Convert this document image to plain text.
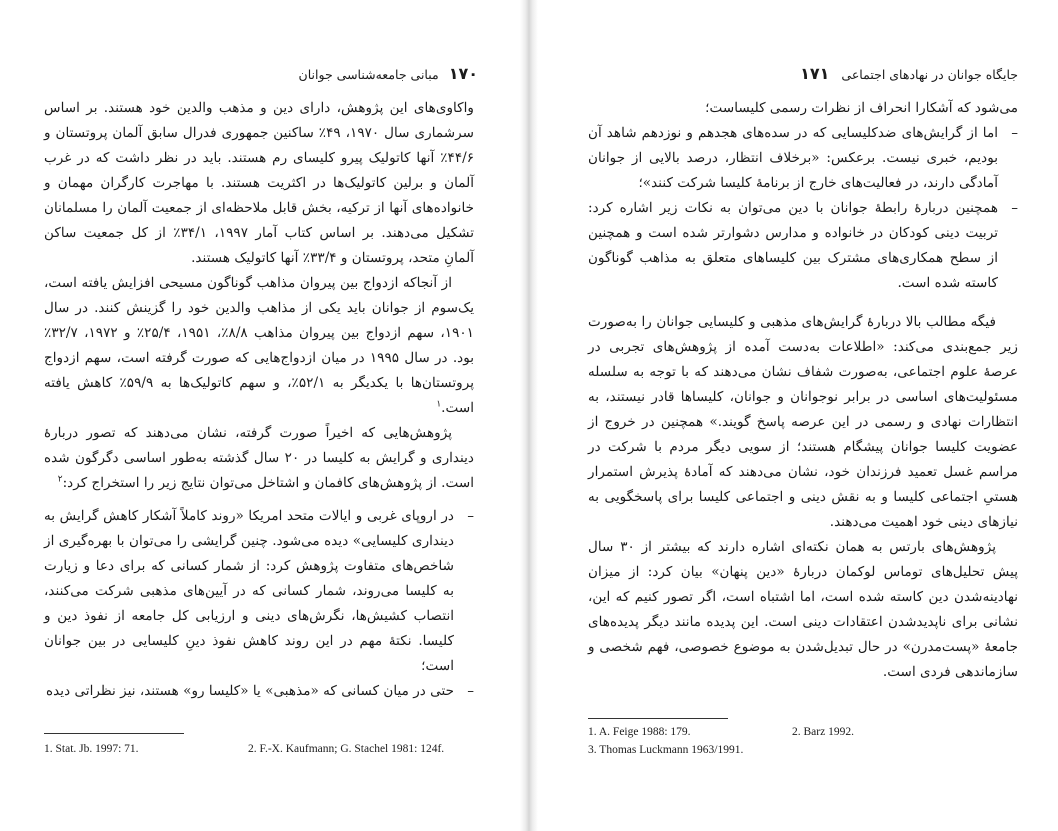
۱۷۰مبانی جامعه‌شناسی جوانان

واکاوی‌های این پژوهش، دارای دین و مذهب والدین خود هستند. بر اساس سرشماری سال ۱۹۷۰، ۴۹٪ ساکنین جمهوری فدرال سابق آلمان پروتستان و ۴۴/۶٪ آنها کاتولیک پیرو کلیسای رم هستند. باید در نظر داشت که در غرب آلمان و برلین کاتولیک‌ها در اکثریت هستند. با مهاجرت کارگران مهمان و خانواده‌های آنها از ترکیه، بخش قابل ملاحظه‌ای از جمعیت آلمان را مسلمانان تشکیل می‌دهند. بر اساس کتاب آمار ۱۹۹۷، ۳۴/۱٪ از کل جمعیت ساکن آلمانِ متحد، پروتستان و ۳۳/۴٪ آنها کاتولیک هستند.

از آنجاکه ازدواج بین پیروان مذاهب گوناگون مسیحی افزایش یافته است، یک‌سوم از جوانان باید یکی از مذاهب والدین خود را گزینش کنند. در سال ۱۹۰۱، سهم ازدواج بین پیروان مذاهب ۸/۸٪، ۱۹۵۱، ۲۵/۴٪ و ۱۹۷۲، ۳۲/۷٪ بود. در سال ۱۹۹۵ در میان ازدواج‌هایی که صورت گرفته است، سهم ازدواج پروتستان‌ها با یکدیگر به ۵۲/۱٪، و سهم کاتولیک‌ها به ۵۹/۹٪ کاهش یافته است.$^۱$

پژوهش‌هایی که اخیراً صورت گرفته، نشان می‌دهند که تصور دربارهٔ دینداری و گرایش به کلیسا در ۲۰ سال گذشته به‌طور اساسی دگرگون شده است. از پژوهش‌های کافمان و اشتاخل می‌توان نتایج زیر را استخراج کرد:$^۲$

–
در اروپای غربی و ایالات متحد امریکا «روند کاملاً آشکار کاهش گرایش به دینداری کلیسایی» دیده می‌شود. چنین گرایشی را می‌توان با بهره‌گیری از شاخص‌های متفاوت پژوهش کرد: از شمار کسانی که برای دعا و زیارت به کلیسا می‌روند، شمار کسانی که در آیین‌های مذهبی شرکت می‌کنند، انتصاب کشیش‌ها، نگرش‌های دینی و ارزیابی کل جامعه از نفوذ دین و کلیسا. نکتهٔ مهم در این روند کاهش نفوذ دینِ کلیسایی در بین جوانان است؛
–
حتی در میان کسانی که «مذهبی» یا «کلیسا رو» هستند، نیز نظراتی دیده
1. Stat. Jb. 1997: 71.	2. F.-X. Kaufmann; G. Stachel 1981: 124f.
جایگاه جوانان در نهادهای اجتماعی۱۷۱

می‌شود که آشکارا انحراف از نظرات رسمی کلیساست؛

–
اما از گرایش‌های ضدکلیسایی که در سده‌های هجدهم و نوزدهم شاهد آن بودیم، خبری نیست. برعکس: «برخلاف انتظار، درصد بالایی از جوانان آمادگی دارند، در فعالیت‌های خارج از برنامهٔ کلیسا شرکت کنند»؛
–
همچنین دربارهٔ رابطهٔ جوانان با دین می‌توان به نکات زیر اشاره کرد: تربیت دینی کودکان در خانواده و مدارس دشوارتر شده است و همچنین از سطح همکاری‌های مشترک بین کلیساهای متعلق به مذاهب گوناگون کاسته شده است.

فیگه مطالب بالا دربارهٔ گرایش‌های مذهبی و کلیسایی جوانان را به‌صورت زیر جمع‌بندی می‌کند: «اطلاعات به‌دست آمده از پژوهش‌های تجربی در عرصهٔ علوم اجتماعی، به‌صورت شفاف نشان می‌دهند که با توجه به سلسله مسئولیت‌های اساسی در برابر نوجوانان و جوانان، کلیساها قادر نیستند، به انتظارات نهادی و رسمی در این عرصه پاسخ گویند.» همچنین در خروج از عضویت کلیسا جوانان پیشگام هستند؛ از سویی دیگر مردم با شرکت در مراسم غسل تعمید فرزندان خود، نشان می‌دهند که آمادهٔ پذیرش استمرار هستیِ اجتماعی کلیسا و به نقش دینی و اجتماعی کلیسا برای پاسخگویی به نیازهای دینی خود اهمیت می‌دهند.

پژوهش‌های بارتس به همان نکته‌ای اشاره دارند که بیشتر از ۳۰ سال پیش تحلیل‌های توماس لوکمان دربارهٔ «دین پنهان» بیان کرد: از میزان نهادینه‌شدن دین کاسته شده است، اما اشتباه است، اگر تصور کنیم که این، نشانی برای ناپدیدشدن اعتقادات دینی است. این پدیده مانند دیگر پدیده‌های جامعهٔ «پست‌مدرن» در حال تبدیل‌شدن به موضوع خصوصی، فهم شخصی و سازماندهی فردی است.

1. A. Feige 1988: 179.	2. Barz 1992.
3. Thomas Luckmann 1963/1991.
